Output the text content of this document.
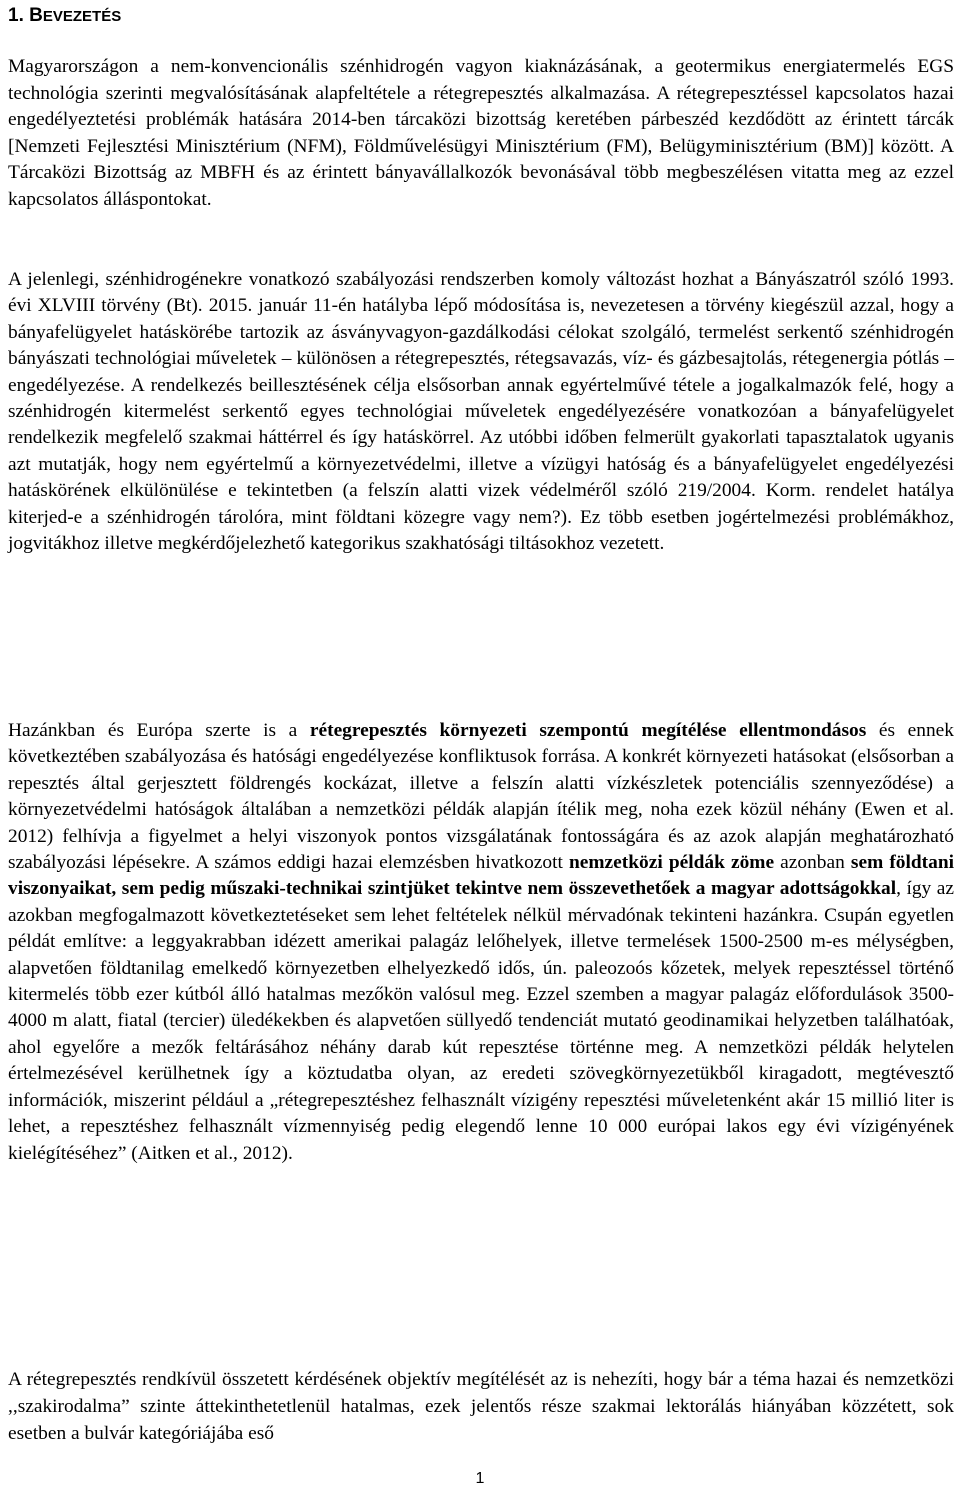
1. BEVEZETÉS

Magyarországon a nem-konvencionális szénhidrogén vagyon kiaknázásának, a geotermikus energiatermelés EGS technológia szerinti megvalósításának alapfeltétele a rétegrepesztés alkalmazása. A rétegrepesztéssel kapcsolatos hazai engedélyeztetési problémák hatására 2014-ben tárcaközi bizottság keretében párbeszéd kezdődött az érintett tárcák [Nemzeti Fejlesztési Minisztérium (NFM), Földművelésügyi Minisztérium (FM), Belügyminisztérium (BM)] között. A Tárcaközi Bizottság az MBFH és az érintett bányavállalkozók bevonásával több megbeszélésen vitatta meg az ezzel kapcsolatos álláspontokat.

A jelenlegi, szénhidrogénekre vonatkozó szabályozási rendszerben komoly változást hozhat a Bányászatról szóló 1993. évi XLVIII törvény (Bt). 2015. január 11-én hatályba lépő módosítása is, nevezetesen a törvény kiegészül azzal, hogy a bányafelügyelet hatáskörébe tartozik az ásványvagyon-gazdálkodási célokat szolgáló, termelést serkentő szénhidrogén bányászati technológiai műveletek – különösen a rétegrepesztés, rétegsavazás, víz- és gázbesajtolás, rétegenergia pótlás – engedélyezése. A rendelkezés beillesztésének célja elsősorban annak egyértelművé tétele a jogalkalmazók felé, hogy a szénhidrogén kitermelést serkentő egyes technológiai műveletek engedélyezésére vonatkozóan a bányafelügyelet rendelkezik megfelelő szakmai háttérrel és így hatáskörrel. Az utóbbi időben felmerült gyakorlati tapasztalatok ugyanis azt mutatják, hogy nem egyértelmű a környezetvédelmi, illetve a vízügyi hatóság és a bányafelügyelet engedélyezési hatáskörének elkülönülése e tekintetben (a felszín alatti vizek védelméről szóló 219/2004. Korm. rendelet hatálya kiterjed-e a szénhidrogén tárolóra, mint földtani közegre vagy nem?). Ez több esetben jogértelmezési problémákhoz, jogvitákhoz illetve megkérdőjelezhető kategorikus szakhatósági tiltásokhoz vezetett.

Hazánkban és Európa szerte is a rétegrepesztés környezeti szempontú megítélése ellentmondásos és ennek következtében szabályozása és hatósági engedélyezése konfliktusok forrása. A konkrét környezeti hatásokat (elsősorban a repesztés által gerjesztett földrengés kockázat, illetve a felszín alatti vízkészletek potenciális szennyeződése) a környezetvédelmi hatóságok általában a nemzetközi példák alapján ítélik meg, noha ezek közül néhány (Ewen et al. 2012) felhívja a figyelmet a helyi viszonyok pontos vizsgálatának fontosságára és az azok alapján meghatározható szabályozási lépésekre. A számos eddigi hazai elemzésben hivatkozott nemzetközi példák zöme azonban sem földtani viszonyaikat, sem pedig műszaki-technikai szintjüket tekintve nem összevethetőek a magyar adottságokkal, így az azokban megfogalmazott következtetéseket sem lehet feltételek nélkül mérvadónak tekinteni hazánkra. Csupán egyetlen példát említve: a leggyakrabban idézett amerikai palagáz lelőhelyek, illetve termelések 1500-2500 m-es mélységben, alapvetően földtanilag emelkedő környezetben elhelyezkedő idős, ún. paleozoós kőzetek, melyek repesztéssel történő kitermelés több ezer kútból álló hatalmas mezőkön valósul meg. Ezzel szemben a magyar palagáz előfordulások 3500-4000 m alatt, fiatal (tercier) üledékekben és alapvetően süllyedő tendenciát mutató geodinamikai helyzetben találhatóak, ahol egyelőre a mezők feltárásához néhány darab kút repesztése történne meg. A nemzetközi példák helytelen értelmezésével kerülhetnek így a köztudatba olyan, az eredeti szövegkörnyezetükből kiragadott, megtévesztő információk, miszerint például a „rétegrepesztéshez felhasznált vízigény repesztési műveletenként akár 15 millió liter is lehet, a repesztéshez felhasznált vízmennyiség pedig elegendő lenne 10 000 európai lakos egy évi vízigényének kielégítéséhez” (Aitken et al., 2012).

A rétegrepesztés rendkívül összetett kérdésének objektív megítélését az is nehezíti, hogy bár a téma hazai és nemzetközi ,,szakirodalma” szinte áttekinthetetlenül hatalmas, ezek jelentős része szakmai lektorálás hiányában közzétett, sok esetben a bulvár kategóriájába eső

1
